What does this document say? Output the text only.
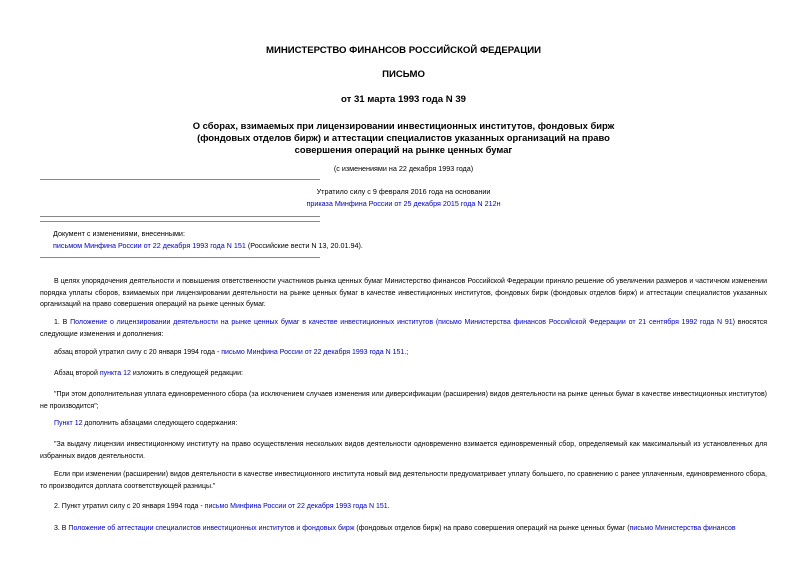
МИНИСТЕРСТВО ФИНАНСОВ РОССИЙСКОЙ ФЕДЕРАЦИИ
ПИСЬМО
от 31 марта 1993 года N 39
О сборах, взимаемых при лицензировании инвестиционных институтов, фондовых бирж
(фондовых отделов бирж) и аттестации специалистов указанных организаций на право
совершения операций на рынке ценных бумаг
(с изменениями на 22 декабря 1993 года)
Утратило силу с 9 февраля 2016 года на основании
приказа Минфина России от 25 декабря 2015 года N 212н
Документ с изменениями, внесенными:
письмом Минфина России от 22 декабря 1993 года N 151 (Российские вести N 13, 20.01.94).
В целях упорядочения деятельности и повышения ответственности участников рынка ценных бумаг Министерство финансов Российской Федерации приняло решение об увеличении размеров и частичном изменении порядка уплаты сборов, взимаемых при лицензировании деятельности на рынке ценных бумаг в качестве инвестиционных институтов, фондовых бирж (фондовых отделов бирж) и аттестации специалистов указанных организаций на право совершения операций на рынке ценных бумаг.
1. В Положение о лицензировании деятельности на рынке ценных бумаг в качестве инвестиционных институтов (письмо Министерства финансов Российской Федерации от 21 сентября 1992 года N 91) вносятся следующие изменения и дополнения:
абзац второй утратил силу с 20 января 1994 года - письмо Минфина России от 22 декабря 1993 года N 151.;
Абзац второй пункта 12 изложить в следующей редакции:
"При этом дополнительная уплата единовременного сбора (за исключением случаев изменения или диверсификации (расширения) видов деятельности на рынке ценных бумаг в качестве инвестиционных институтов) не производится";
Пункт 12 дополнить абзацами следующего содержания:
"За выдачу лицензии инвестиционному институту на право осуществления нескольких видов деятельности одновременно взимается единовременный сбор, определяемый как максимальный из установленных для избранных видов деятельности.
Если при изменении (расширении) видов деятельности в качестве инвестиционного института новый вид деятельности предусматривает уплату большего, по сравнению с ранее уплаченным, единовременного сбора, то производится доплата соответствующей разницы."
2. Пункт утратил силу с 20 января 1994 года - письмо Минфина России от 22 декабря 1993 года N 151.
3. В Положение об аттестации специалистов инвестиционных институтов и фондовых бирж (фондовых отделов бирж) на право совершения операций на рынке ценных бумаг (письмо Министерства финансов
